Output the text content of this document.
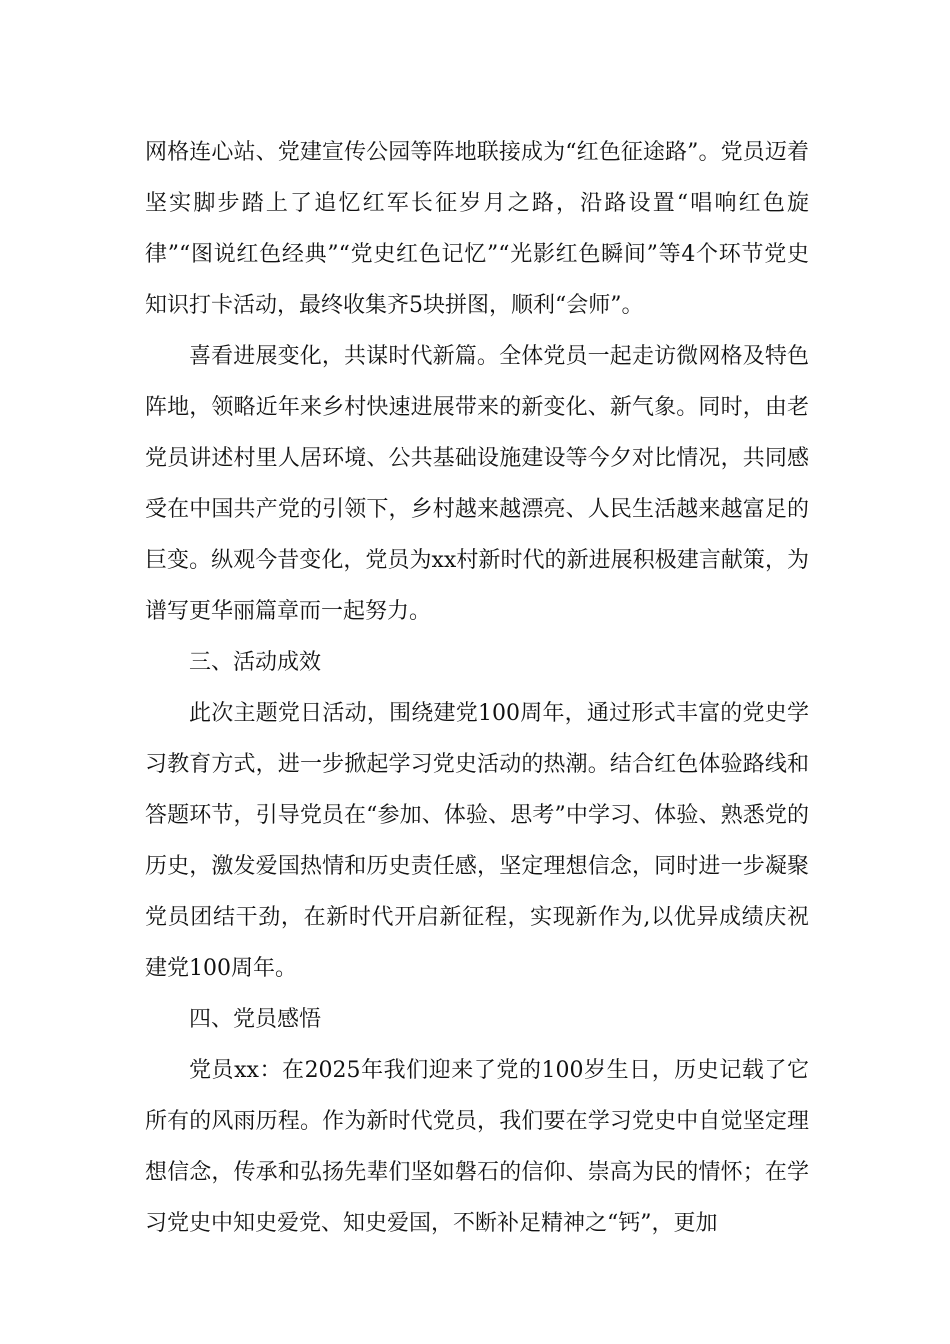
网格连心站、党建宣传公园等阵地联接成为“红色征途路”。党员迈着坚实脚步踏上了追忆红军长征岁月之路，沿路设置“唱响红色旋律”“图说红色经典”“党史红色记忆”“光影红色瞬间”等4个环节党史知识打卡活动，最终收集齐5块拼图，顺利“会师”。

喜看进展变化，共谋时代新篇。全体党员一起走访微网格及特色阵地，领略近年来乡村快速进展带来的新变化、新气象。同时，由老党员讲述村里人居环境、公共基础设施建设等今夕对比情况，共同感受在中国共产党的引领下，乡村越来越漂亮、人民生活越来越富足的巨变。纵观今昔变化，党员为xx村新时代的新进展积极建言献策，为谱写更华丽篇章而一起努力。

三、活动成效

此次主题党日活动，围绕建党100周年，通过形式丰富的党史学习教育方式，进一步掀起学习党史活动的热潮。结合红色体验路线和答题环节，引导党员在“参加、体验、思考”中学习、体验、熟悉党的历史，激发爱国热情和历史责任感，坚定理想信念，同时进一步凝聚党员团结干劲，在新时代开启新征程，实现新作为,以优异成绩庆祝建党100周年。

四、党员感悟

党员xx：在2025年我们迎来了党的100岁生日，历史记载了它所有的风雨历程。作为新时代党员，我们要在学习党史中自觉坚定理想信念，传承和弘扬先辈们坚如磐石的信仰、崇高为民的情怀；在学习党史中知史爱党、知史爱国，不断补足精神之“钙”，更加
